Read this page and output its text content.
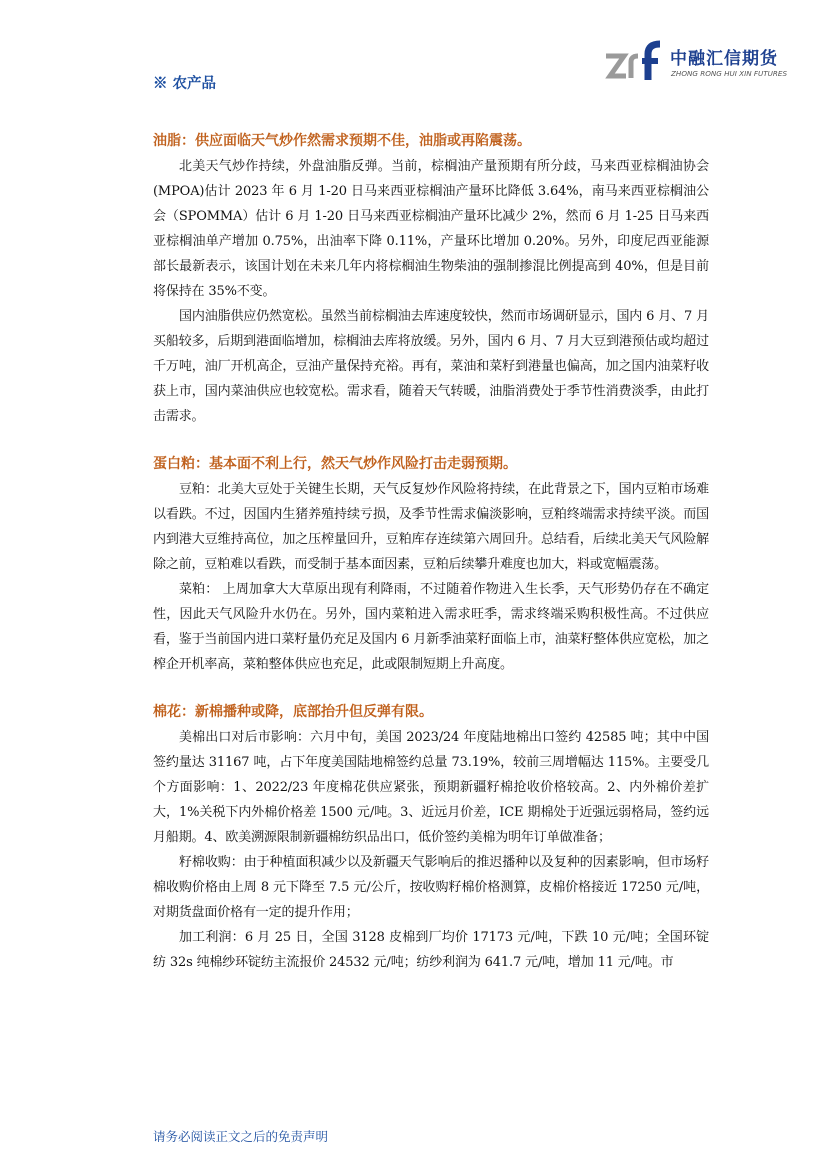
中融汇信期货
ZHONG RONG HUI XIN FUTURES
※ 农产品
油脂：供应面临天气炒作然需求预期不佳，油脂或再陷震荡。

北美天气炒作持续，外盘油脂反弹。当前，棕榈油产量预期有所分歧，马来西亚棕榈油协会(MPOA)估计 2023 年 6 月 1-20 日马来西亚棕榈油产量环比降低 3.64%，南马来西亚棕榈油公会（SPOMMA）估计 6 月 1-20 日马来西亚棕榈油产量环比减少 2%，然而 6 月 1-25 日马来西亚棕榈油单产增加 0.75%，出油率下降 0.11%，产量环比增加 0.20%。另外，印度尼西亚能源部长最新表示，该国计划在未来几年内将棕榈油生物柴油的强制掺混比例提高到 40%，但是目前将保持在 35%不变。

国内油脂供应仍然宽松。虽然当前棕榈油去库速度较快，然而市场调研显示，国内 6 月、7 月买船较多，后期到港面临增加，棕榈油去库将放缓。另外，国内 6 月、7 月大豆到港预估或均超过千万吨，油厂开机高企，豆油产量保持充裕。再有，菜油和菜籽到港量也偏高，加之国内油菜籽收获上市，国内菜油供应也较宽松。需求看，随着天气转暖，油脂消费处于季节性消费淡季，由此打击需求。

蛋白粕：基本面不利上行，然天气炒作风险打击走弱预期。

豆粕：北美大豆处于关键生长期，天气反复炒作风险将持续，在此背景之下，国内豆粕市场难以看跌。不过，因国内生猪养殖持续亏损，及季节性需求偏淡影响，豆粕终端需求持续平淡。而国内到港大豆维持高位，加之压榨量回升，豆粕库存连续第六周回升。总结看，后续北美天气风险解除之前，豆粕难以看跌，而受制于基本面因素，豆粕后续攀升难度也加大，料或宽幅震荡。

菜粕： 上周加拿大大草原出现有利降雨，不过随着作物进入生长季，天气形势仍存在不确定性，因此天气风险升水仍在。另外，国内菜粕进入需求旺季，需求终端采购积极性高。不过供应看，鉴于当前国内进口菜籽量仍充足及国内 6 月新季油菜籽面临上市，油菜籽整体供应宽松，加之榨企开机率高，菜粕整体供应也充足，此或限制短期上升高度。

棉花：新棉播种或降，底部抬升但反弹有限。

美棉出口对后市影响：六月中旬，美国 2023/24 年度陆地棉出口签约 42585 吨；其中中国签约量达 31167 吨，占下年度美国陆地棉签约总量 73.19%，较前三周增幅达 115%。主要受几个方面影响：1、2022/23 年度棉花供应紧张，预期新疆籽棉抢收价格较高。2、内外棉价差扩大，1%关税下内外棉价格差 1500 元/吨。3、近远月价差，ICE 期棉处于近强远弱格局，签约远月船期。4、欧美溯源限制新疆棉纺织品出口，低价签约美棉为明年订单做准备；

籽棉收购：由于种植面积减少以及新疆天气影响后的推迟播种以及复种的因素影响，但市场籽棉收购价格由上周 8 元下降至 7.5 元/公斤，按收购籽棉价格测算，皮棉价格接近 17250 元/吨，对期货盘面价格有一定的提升作用；

加工利润：6 月 25 日，全国 3128 皮棉到厂均价 17173 元/吨，下跌 10 元/吨；全国环锭纺 32s 纯棉纱环锭纺主流报价 24532 元/吨；纺纱利润为 641.7 元/吨，增加 11 元/吨。市

请务必阅读正文之后的免责声明
